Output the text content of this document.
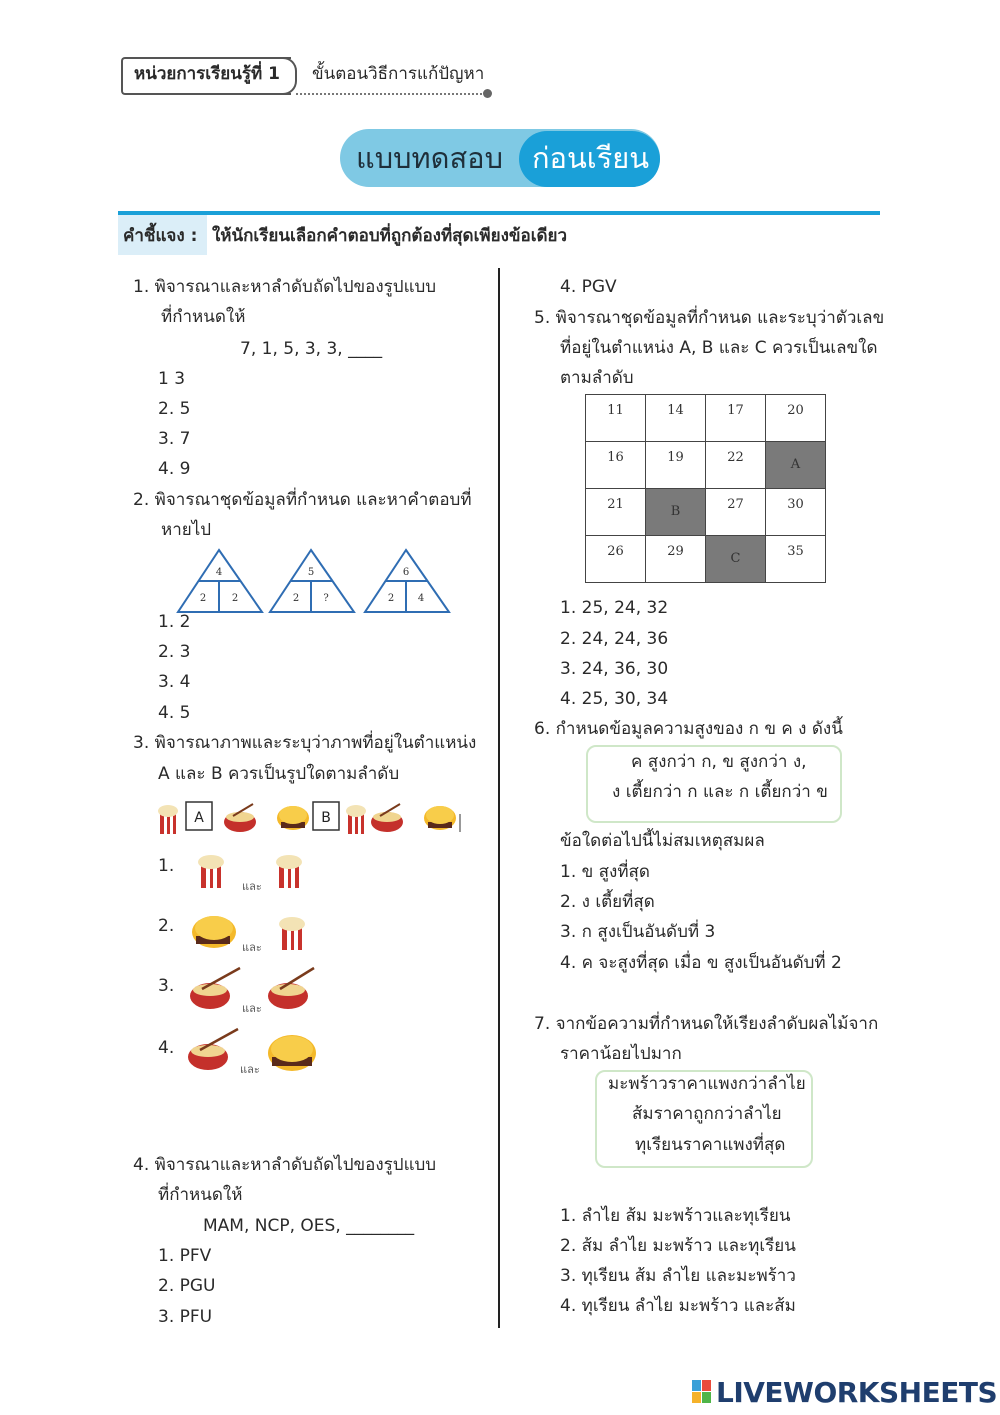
หน่วยการเรียนรู้ที่ 1 ขั้นตอนวิธีการแก้ปัญหา
แบบทดสอบ ก่อนเรียน
คำชี้แจง : ให้นักเรียนเลือกคำตอบที่ถูกต้องที่สุดเพียงข้อเดียว
1. พิจารณาและหาลำดับถัดไปของรูปแบบ
ที่กำหนดให้
7, 1, 5, 3, 3, ____
1 3
2. 5
3. 7
4. 9
2. พิจารณาชุดข้อมูลที่กำหนด และหาคำตอบที่
หายไป
4
2	2
5
2 ?
6
2 4
1. 2
2. 3
3. 4
4. 5
3. พิจารณาภาพและระบุว่าภาพที่อยู่ในตำแหน่ง
A และ B ควรเป็นรูปใดตามลำดับ
A	B
1.
และ
2.
และ
3.
และ
4.
และ
4. พิจารณาและหาลำดับถัดไปของรูปแบบ
ที่กำหนดให้
MAM, NCP, OES, ________
1. PFV
2. PGU
3. PFU
4. PGV
5. พิจารณาชุดข้อมูลที่กำหนด และระบุว่าตัวเลข
ที่อยู่ในตำแหน่ง A, B และ C ควรเป็นเลขใด
ตามลำดับ
11	14	17	20
16	19	22	A
21	B	27	30
26	29	C	35
1. 25, 24, 32
2. 24, 24, 36
3. 24, 36, 30
4. 25, 30, 34
6. กำหนดข้อมูลความสูงของ ก ข ค ง ดังนี้
ค สูงกว่า ก, ข สูงกว่า ง,
ง เตี้ยกว่า ก และ ก เตี้ยกว่า ข
ข้อใดต่อไปนี้ไม่สมเหตุสมผล
1. ข สูงที่สุด
2. ง เตี้ยที่สุด
3. ก สูงเป็นอันดับที่ 3
4. ค จะสูงที่สุด เมื่อ ข สูงเป็นอันดับที่ 2
7. จากข้อความที่กำหนดให้เรียงลำดับผลไม้จาก
ราคาน้อยไปมาก
มะพร้าวราคาแพงกว่าลำไย
ส้มราคาถูกกว่าลำไย
ทุเรียนราคาแพงที่สุด
1. ลำไย ส้ม มะพร้าวและทุเรียน
2. ส้ม ลำไย มะพร้าว และทุเรียน
3. ทุเรียน ส้ม ลำไย และมะพร้าว
4. ทุเรียน ลำไย มะพร้าว และส้ม
LIVEWORKSHEETS
